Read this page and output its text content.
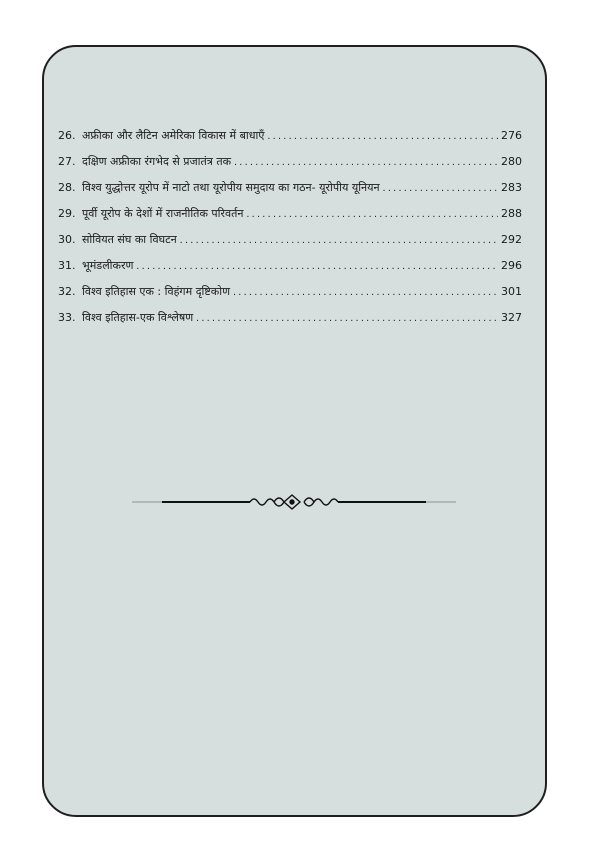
26. अफ्रीका और लैटिन अमेरिका विकास में बाधाएँ .....	276
27. दक्षिण अफ्रीका रंगभेद से प्रजातंत्र तक .....	280
28. विश्व युद्धोत्तर यूरोप में नाटो तथा यूरोपीय समुदाय का गठन- यूरोपीय यूनियन .....	283
29. पूर्वी यूरोप के देशों में राजनीतिक परिवर्तन .....	288
30. सोवियत संघ का विघटन .....	292
31. भूमंडलीकरण .....	296
32. विश्व इतिहास एक : विहंगम दृष्टिकोण .....	301
33. विश्व इतिहास-एक विश्लेषण .....	327
